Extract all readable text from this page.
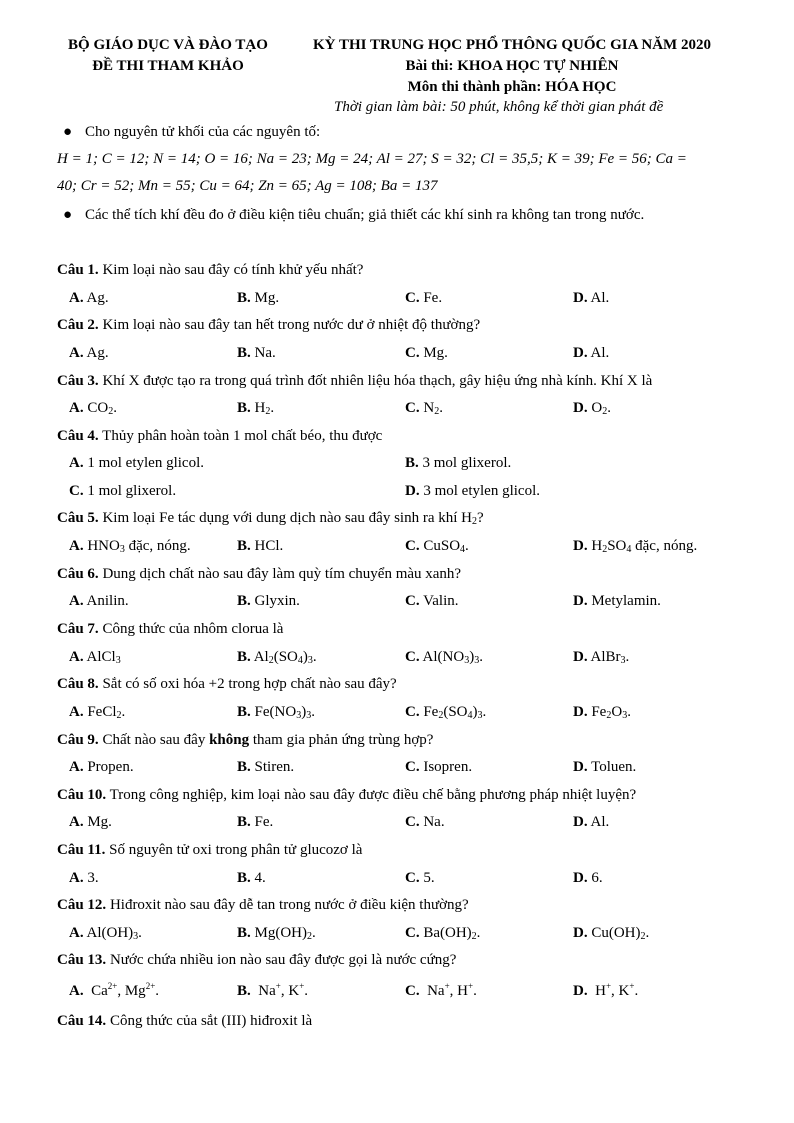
BỘ GIÁO DỤC VÀ ĐÀO TẠO
ĐỀ THI THAM KHẢO
KỲ THI TRUNG HỌC PHỔ THÔNG QUỐC GIA NĂM 2020
Bài thi: KHOA HỌC TỰ NHIÊN
Môn thi thành phần: HÓA HỌC
Thời gian làm bài: 50 phút, không kể thời gian phát đề
● Cho nguyên tử khối của các nguyên tố:
H = 1; C = 12; N = 14; O = 16; Na = 23; Mg = 24; Al = 27; S = 32; Cl = 35,5; K = 39; Fe = 56; Ca =
40; Cr = 52; Mn = 55; Cu = 64; Zn = 65; Ag = 108; Ba = 137
● Các thể tích khí đều đo ở điều kiện tiêu chuẩn; giả thiết các khí sinh ra không tan trong nước.
Câu 1. Kim loại nào sau đây có tính khử yếu nhất?
A. Ag.	B. Mg.	C. Fe.	D. Al.
Câu 2. Kim loại nào sau đây tan hết trong nước dư ở nhiệt độ thường?
A. Ag.	B. Na.	C. Mg.	D. Al.
Câu 3. Khí X được tạo ra trong quá trình đốt nhiên liệu hóa thạch, gây hiệu ứng nhà kính. Khí X là
A. $CO_2$.	B. $H_2$.	C. $N_2$.	D. $O_2$.
Câu 4. Thủy phân hoàn toàn 1 mol chất béo, thu được
A. 1 mol etylen glicol.	B. 3 mol glixerol.
C. 1 mol glixerol.	D. 3 mol etylen glicol.
Câu 5. Kim loại Fe tác dụng với dung dịch nào sau đây sinh ra khí $H_2$?
A. $HNO_3$ đặc, nóng.	B. HCl.	C. CuSO$_4$.	D. $H_2SO_4$ đặc, nóng.
Câu 6. Dung dịch chất nào sau đây làm quỳ tím chuyển màu xanh?
A. Anilin.	B. Glyxin.	C. Valin.	D. Metylamin.
Câu 7. Công thức của nhôm clorua là
A. AlCl$_3$	B. $Al_2(SO_4)_3$.	C. $Al(NO_3)_3$.	D. AlBr$_3$.
Câu 8. Sắt có số oxi hóa +2 trong hợp chất nào sau đây?
A. FeCl$_2$.	B. $Fe(NO_3)_3$.	C. $Fe_2(SO_4)_3$.	D. $Fe_2O_3$.
Câu 9. Chất nào sau đây không tham gia phản ứng trùng hợp?
A. Propen.	B. Stiren.	C. Isopren.	D. Toluen.
Câu 10. Trong công nghiệp, kim loại nào sau đây được điều chế bằng phương pháp nhiệt luyện?
A. Mg.	B. Fe.	C. Na.	D. Al.
Câu 11. Số nguyên tử oxi trong phân tử glucozơ là
A. 3.	B. 4.	C. 5.	D. 6.
Câu 12. Hiđroxit nào sau đây dễ tan trong nước ở điều kiện thường?
A. $Al(OH)_3$.	B. $Mg(OH)_2$.	C. $Ba(OH)_2$.	D. $Cu(OH)_2$.
Câu 13. Nước chứa nhiều ion nào sau đây được gọi là nước cứng?
A.  $Ca^{2+}$, $Mg^{2+}$.	B.  Na+, K+.	C.  Na+, H+.	D.  H+, K+.
Câu 14. Công thức của sắt (III) hiđroxit là
